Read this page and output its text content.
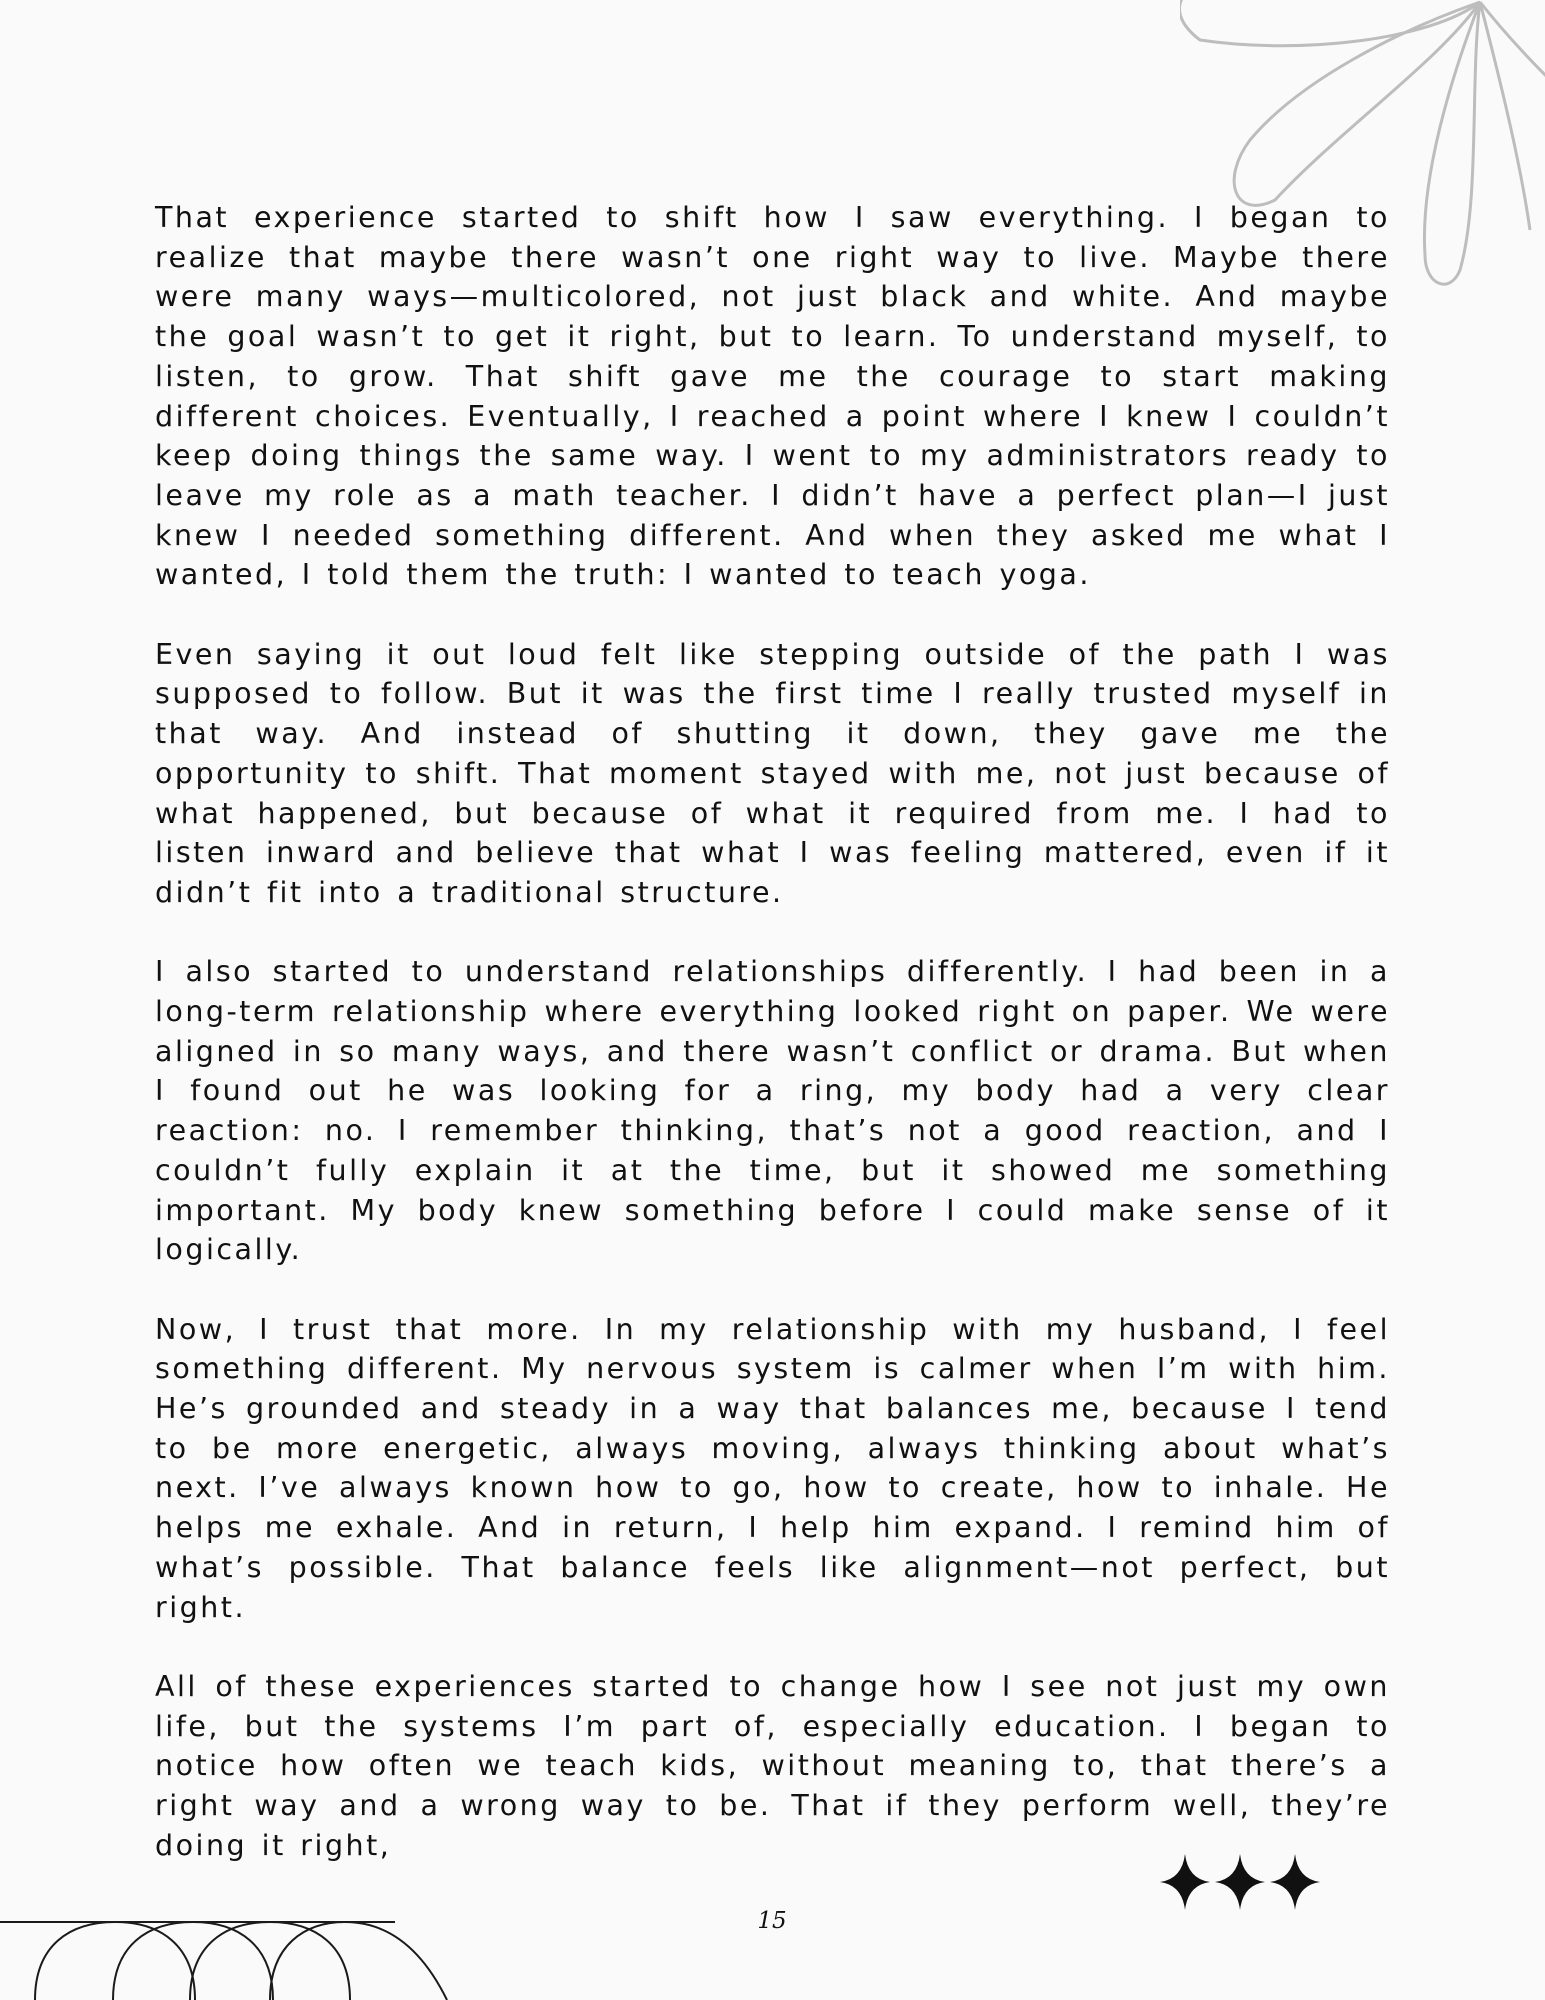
That experience started to shift how I saw everything. I began to realize that maybe there wasn’t one right way to live. Maybe there were many ways—multicolored, not just black and white. And maybe the goal wasn’t to get it right, but to learn. To understand myself, to listen, to grow. That shift gave me the courage to start making different choices. Eventually, I reached a point where I knew I couldn’t keep doing things the same way. I went to my administrators ready to leave my role as a math teacher. I didn’t have a perfect plan—I just knew I needed something different. And when they asked me what I wanted, I told them the truth: I wanted to teach yoga.

Even saying it out loud felt like stepping outside of the path I was supposed to follow. But it was the first time I really trusted myself in that way. And instead of shutting it down, they gave me the opportunity to shift. That moment stayed with me, not just because of what happened, but because of what it required from me. I had to listen inward and believe that what I was feeling mattered, even if it didn’t fit into a traditional structure.

I also started to understand relationships differently. I had been in a long-term relationship where everything looked right on paper. We were aligned in so many ways, and there wasn’t conflict or drama. But when I found out he was looking for a ring, my body had a very clear reaction: no. I remember thinking, that’s not a good reaction, and I couldn’t fully explain it at the time, but it showed me something important. My body knew something before I could make sense of it logically.

Now, I trust that more. In my relationship with my husband, I feel something different. My nervous system is calmer when I’m with him. He’s grounded and steady in a way that balances me, because I tend to be more energetic, always moving, always thinking about what’s next. I’ve always known how to go, how to create, how to inhale. He helps me exhale. And in return, I help him expand. I remind him of what’s possible. That balance feels like alignment—not perfect, but right.

All of these experiences started to change how I see not just my own life, but the systems I’m part of, especially education. I began to notice how often we teach kids, without meaning to, that there’s a right way and a wrong way to be. That if they perform well, they’re doing it right,

15
